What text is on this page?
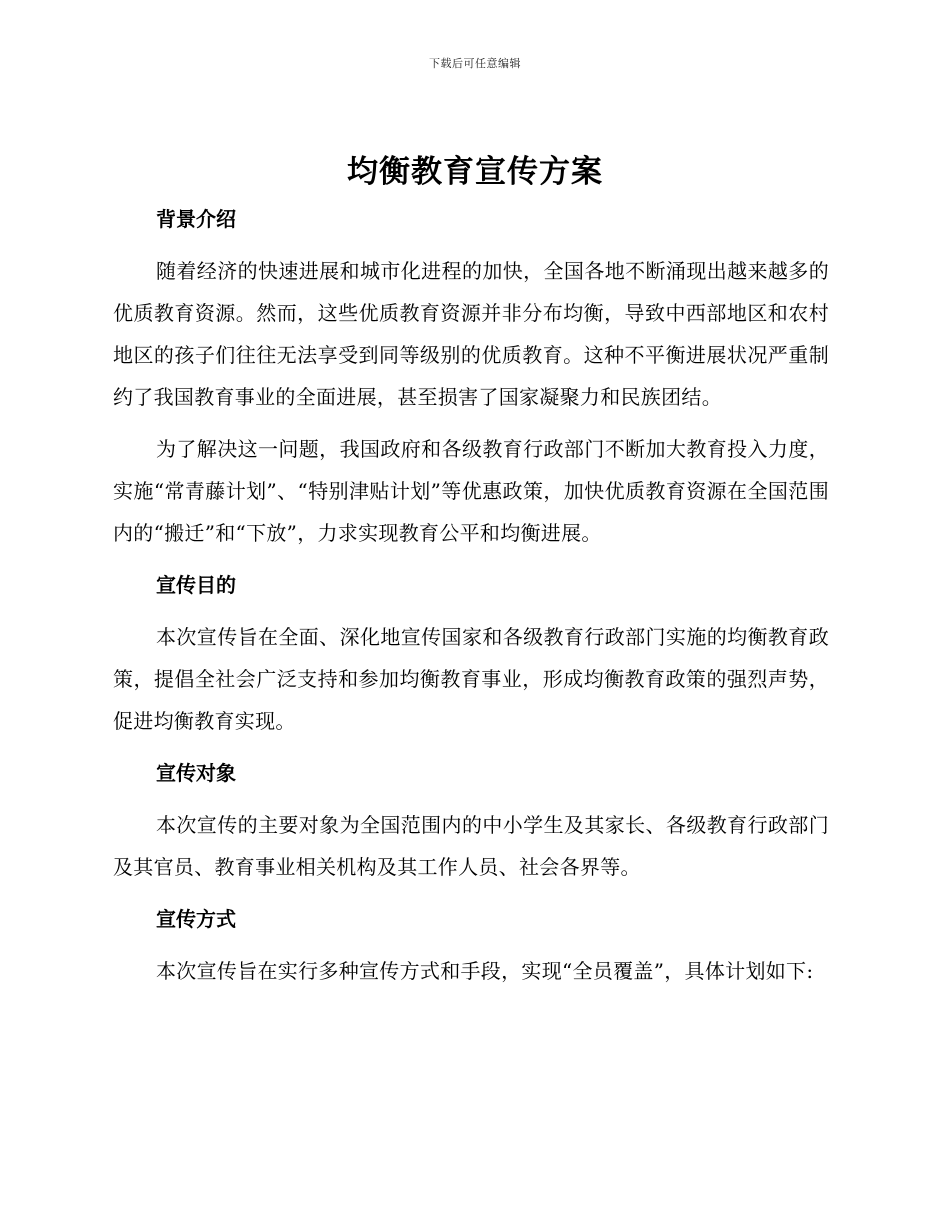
下载后可任意编辑
均衡教育宣传方案
背景介绍

随着经济的快速进展和城市化进程的加快，全国各地不断涌现出越来越多的优质教育资源。然而，这些优质教育资源并非分布均衡，导致中西部地区和农村地区的孩子们往往无法享受到同等级别的优质教育。这种不平衡进展状况严重制约了我国教育事业的全面进展，甚至损害了国家凝聚力和民族团结。

为了解决这一问题，我国政府和各级教育行政部门不断加大教育投入力度，实施“常青藤计划”、“特别津贴计划”等优惠政策，加快优质教育资源在全国范围内的“搬迁”和“下放”，力求实现教育公平和均衡进展。

宣传目的

本次宣传旨在全面、深化地宣传国家和各级教育行政部门实施的均衡教育政策，提倡全社会广泛支持和参加均衡教育事业，形成均衡教育政策的强烈声势，促进均衡教育实现。

宣传对象

本次宣传的主要对象为全国范围内的中小学生及其家长、各级教育行政部门及其官员、教育事业相关机构及其工作人员、社会各界等。

宣传方式

本次宣传旨在实行多种宣传方式和手段，实现“全员覆盖”，具体计划如下:
